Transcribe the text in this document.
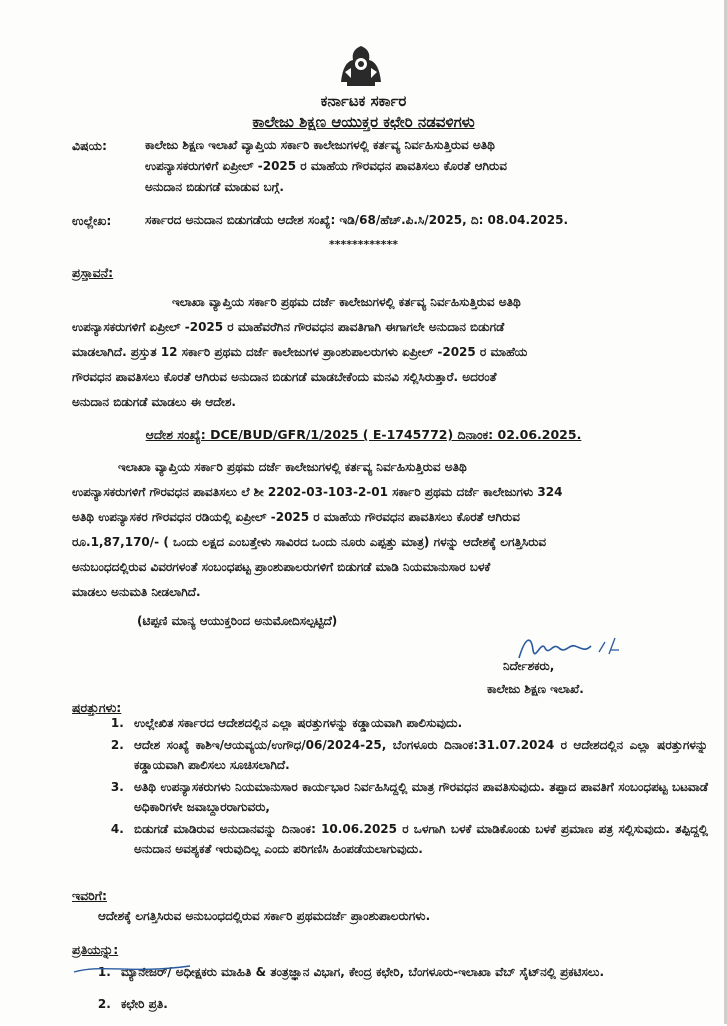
ಕರ್ನಾಟಕ ಸರ್ಕಾರ
ಕಾಲೇಜು ಶಿಕ್ಷಣ ಆಯುಕ್ತರ ಕಛೇರಿ ನಡವಳಿಗಳು
ವಿಷಯ:	ಕಾಲೇಜು ಶಿಕ್ಷಣ ಇಲಾಖೆ ವ್ಯಾಪ್ತಿಯ ಸರ್ಕಾರಿ ಕಾಲೇಜುಗಳಲ್ಲಿ ಕರ್ತವ್ಯ ನಿರ್ವಹಿಸುತ್ತಿರುವ ಅತಿಥಿ
ಉಪನ್ಯಾಸಕರುಗಳಿಗೆ ಏಪ್ರೀಲ್ -2025 ರ ಮಾಹೆಯ ಗೌರವಧನ ಪಾವತಿಸಲು ಕೊರತೆ ಆಗಿರುವ
ಅನುದಾನ ಬಿಡುಗಡೆ ಮಾಡುವ ಬಗ್ಗೆ.
ಉಲ್ಲೇಖ:	ಸರ್ಕಾರದ ಅನುದಾನ ಬಿಡುಗಡೆಯ ಆದೇಶ ಸಂಖ್ಯೆ: ಇಡಿ/68/ಹೆಚ್.ಪಿ.ಸಿ/2025, ದಿ: 08.04.2025.
************
ಪ್ರಸ್ತಾವನೆ:
ಇಲಾಖಾ ವ್ಯಾಪ್ತಿಯ ಸರ್ಕಾರಿ ಪ್ರಥಮ ದರ್ಜೆ ಕಾಲೇಜುಗಳಲ್ಲಿ ಕರ್ತವ್ಯ ನಿರ್ವಹಿಸುತ್ತಿರುವ ಅತಿಥಿ
ಉಪನ್ಯಾಸಕರುಗಳಿಗೆ ಏಪ್ರೀಲ್ -2025 ರ ಮಾಹೆವರೆಗಿನ ಗೌರವಧನ ಪಾವತಿಗಾಗಿ ಈಗಾಗಲೇ ಅನುದಾನ ಬಿಡುಗಡೆ
ಮಾಡಲಾಗಿದೆ. ಪ್ರಸ್ತುತ 12 ಸರ್ಕಾರಿ ಪ್ರಥಮ ದರ್ಜೆ ಕಾಲೇಜುಗಳ ಪ್ರಾಂಶುಪಾಲರುಗಳು ಏಪ್ರೀಲ್ -2025 ರ ಮಾಹೆಯ
ಗೌರವಧನ ಪಾವತಿಸಲು ಕೊರತೆ ಆಗಿರುವ ಅನುದಾನ ಬಿಡುಗಡೆ ಮಾಡಬೇಕೆಂದು ಮನವಿ ಸಲ್ಲಿಸಿರುತ್ತಾರೆ. ಅದರಂತೆ
ಅನುದಾನ ಬಿಡುಗಡೆ ಮಾಡಲು ಈ ಆದೇಶ.
ಆದೇಶ ಸಂಖ್ಯೆ: DCE/BUD/GFR/1/2025 ( E-1745772) ದಿನಾಂಕ: 02.06.2025.
ಇಲಾಖಾ ವ್ಯಾಪ್ತಿಯ ಸರ್ಕಾರಿ ಪ್ರಥಮ ದರ್ಜೆ ಕಾಲೇಜುಗಳಲ್ಲಿ ಕರ್ತವ್ಯ ನಿರ್ವಹಿಸುತ್ತಿರುವ ಅತಿಥಿ
ಉಪನ್ಯಾಸಕರುಗಳಿಗೆ ಗೌರವಧನ ಪಾವತಿಸಲು ಲೆ ಶೀ 2202-03-103-2-01 ಸರ್ಕಾರಿ ಪ್ರಥಮ ದರ್ಜೆ ಕಾಲೇಜುಗಳು 324
ಅತಿಥಿ ಉಪನ್ಯಾಸಕರ ಗೌರವಧನ ರಡಿಯಲ್ಲಿ ಏಪ್ರೀಲ್ -2025 ರ ಮಾಹೆಯ ಗೌರವಧನ ಪಾವತಿಸಲು ಕೊರತೆ ಆಗಿರುವ
ರೂ.1,87,170/- ( ಒಂದು ಲಕ್ಷದ ಎಂಬತ್ತೇಳು ಸಾವಿರದ ಒಂದು ನೂರು ಎಪ್ಪತ್ತು ಮಾತ್ರ) ಗಳನ್ನು ಆದೇಶಕ್ಕೆ ಲಗತ್ತಿಸಿರುವ
ಅನುಬಂಧದಲ್ಲಿರುವ ವಿವರಗಳಂತೆ ಸಂಬಂಧಪಟ್ಟ ಪ್ರಾಂಶುಪಾಲರುಗಳಿಗೆ ಬಿಡುಗಡೆ ಮಾಡಿ ನಿಯಮಾನುಸಾರ ಬಳಕೆ
ಮಾಡಲು ಅನುಮತಿ ನೀಡಲಾಗಿದೆ.
(ಟಿಪ್ಪಣಿ ಮಾನ್ಯ ಆಯುಕ್ತರಿಂದ ಅನುಮೋದಿಸಲ್ಪಟ್ಟಿದೆ)
ನಿರ್ದೇಶಕರು,
ಕಾಲೇಜು ಶಿಕ್ಷಣ ಇಲಾಖೆ.
ಷರತ್ತುಗಳು:
1. ಉಲ್ಲೇಖಿತ ಸರ್ಕಾರದ ಆದೇಶದಲ್ಲಿನ ಎಲ್ಲಾ ಷರತ್ತುಗಳನ್ನು ಕಡ್ಡಾಯವಾಗಿ ಪಾಲಿಸುವುದು.
2. ಆದೇಶ ಸಂಖ್ಯೆ ಕಾಶಿಇ/ಆಯವ್ಯಯ/ಉಗೌಧ/06/2024-25, ಬೆಂಗಳೂರು ದಿನಾಂಕ:31.07.2024 ರ ಆದೇಶದಲ್ಲಿನ ಎಲ್ಲಾ ಷರತ್ತುಗಳನ್ನು ಕಡ್ಡಾಯವಾಗಿ ಪಾಲಿಸಲು ಸೂಚಿಸಲಾಗಿದೆ.
3. ಅತಿಥಿ ಉಪನ್ಯಾಸಕರುಗಳು ನಿಯಮಾನುಸಾರ ಕಾರ್ಯಭಾರ ನಿರ್ವಹಿಸಿದ್ದಲ್ಲಿ ಮಾತ್ರ ಗೌರವಧನ ಪಾವತಿಸುವುದು. ತಪ್ಪಾದ ಪಾವತಿಗೆ ಸಂಬಂಧಪಟ್ಟ ಬಟವಾಡೆ ಅಧಿಕಾರಿಗಳೇ ಜವಾಬ್ದಾರರಾಗುವರು,
4. ಬಿಡುಗಡೆ ಮಾಡಿರುವ ಅನುದಾನವನ್ನು ದಿನಾಂಕ: 10.06.2025 ರ ಒಳಗಾಗಿ ಬಳಕೆ ಮಾಡಿಕೊಂಡು ಬಳಕೆ ಪ್ರಮಾಣ ಪತ್ರ ಸಲ್ಲಿಸುವುದು. ತಪ್ಪಿದ್ದಲ್ಲಿ ಅನುದಾನ ಅವಶ್ಯಕತೆ ಇರುವುದಿಲ್ಲ ಎಂದು ಪರಿಗಣಿಸಿ ಹಿಂಪಡೆಯಲಾಗುವುದು.
ಇವರಿಗೆ:
ಆದೇಶಕ್ಕೆ ಲಗತ್ತಿಸಿರುವ ಅನುಬಂಧದಲ್ಲಿರುವ ಸರ್ಕಾರಿ ಪ್ರಥಮದರ್ಜೆ ಪ್ರಾಂಶುಪಾಲರುಗಳು.
ಪ್ರತಿಯನ್ನು:
1. ಮ್ಯಾನೇಜರ್/ ಅಧೀಕ್ಷಕರು ಮಾಹಿತಿ & ತಂತ್ರಜ್ಞಾನ ವಿಭಾಗ, ಕೇಂದ್ರ ಕಛೇರಿ, ಬೆಂಗಳೂರು-ಇಲಾಖಾ ವೆಬ್ ಸೈಟ್‌ನಲ್ಲಿ ಪ್ರಕಟಿಸಲು.
2. ಕಛೇರಿ ಪ್ರತಿ.
